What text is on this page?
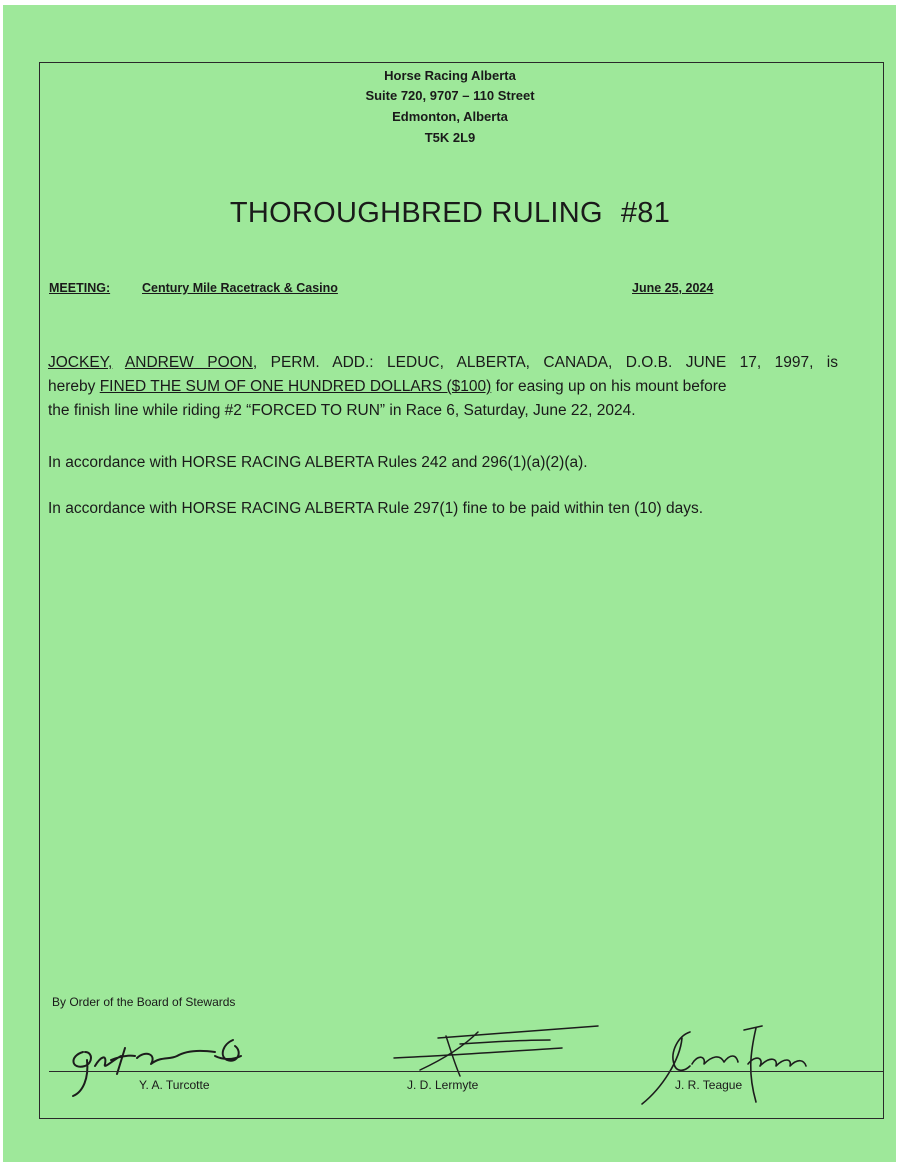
Horse Racing Alberta
Suite 720, 9707 – 110 Street
Edmonton, Alberta
T5K 2L9
THOROUGHBRED RULING #81
MEETING:	Century Mile Racetrack & Casino	June 25, 2024
JOCKEY, ANDREW POON, PERM. ADD.: LEDUC, ALBERTA, CANADA, D.O.B. JUNE 17, 1997, is
hereby FINED THE SUM OF ONE HUNDRED DOLLARS ($100) for easing up on his mount before
the finish line while riding #2 “FORCED TO RUN” in Race 6, Saturday, June 22, 2024.
In accordance with HORSE RACING ALBERTA Rules 242 and 296(1)(a)(2)(a).
In accordance with HORSE RACING ALBERTA Rule 297(1) fine to be paid within ten (10) days.
By Order of the Board of Stewards
Y. A. Turcotte	J. D. Lermyte	J. R. Teague
